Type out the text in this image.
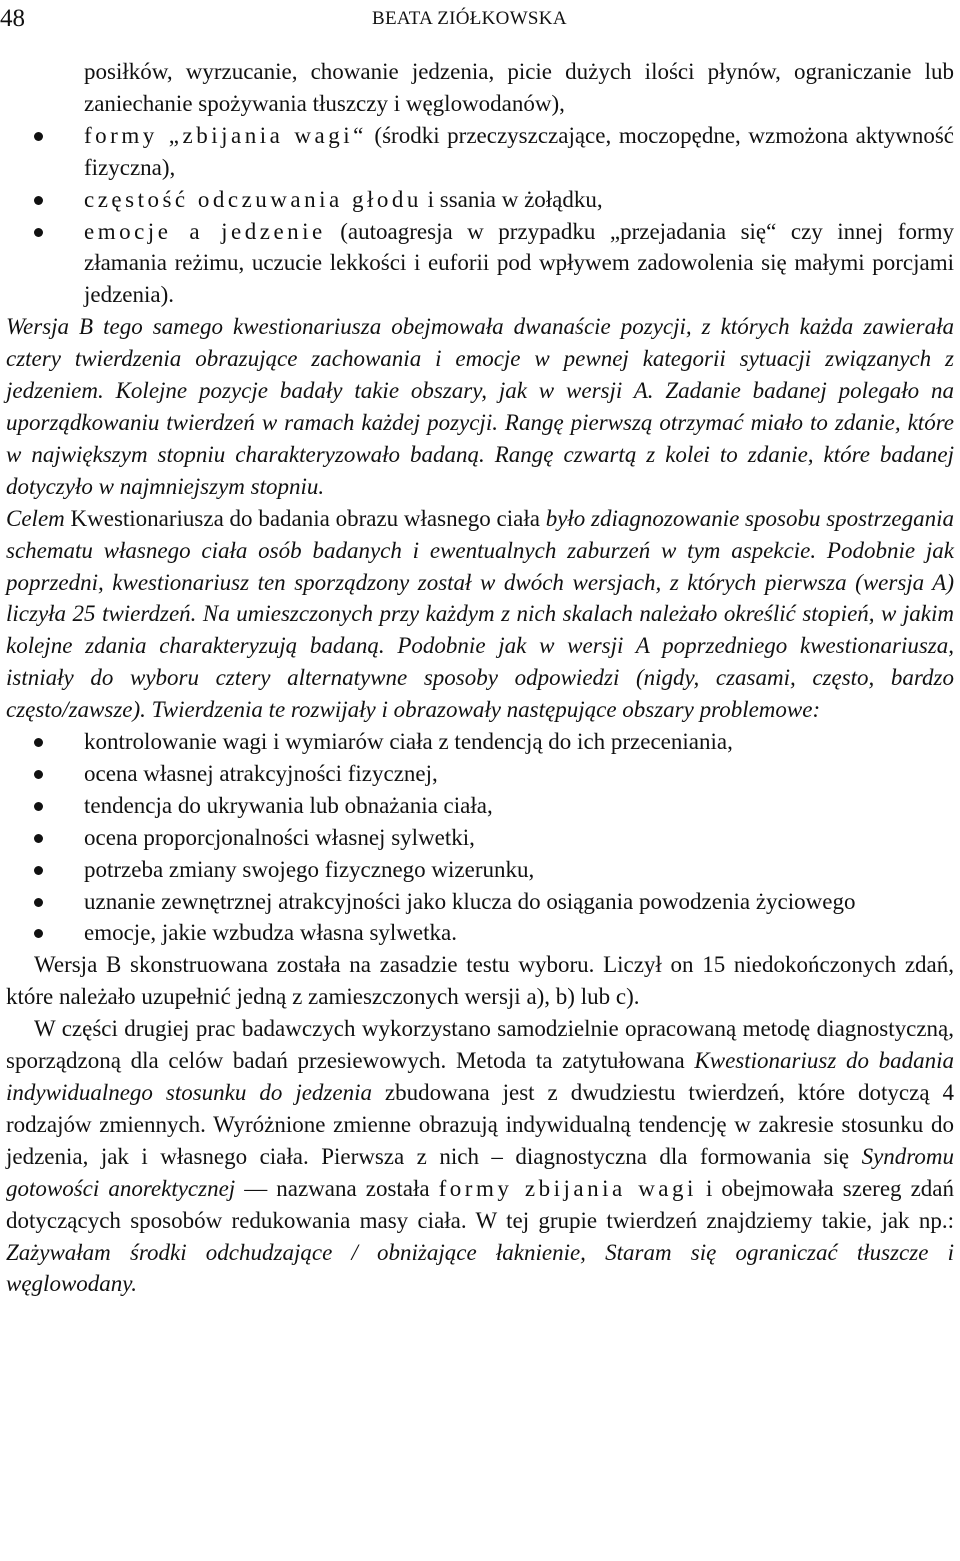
48	BEATA ZIÓŁKOWSKA

posiłków, wyrzucanie, chowanie jedzenia, picie dużych ilości płynów, ograniczanie lub zaniechanie spożywania tłuszczy i węglowodanów),

formy „zbijania wagi“ (środki przeczyszczające, moczopędne, wzmożona aktywność fizyczna),
częstość odczuwania głodu i ssania w żołądku,
emocje a jedzenie (autoagresja w przypadku „przejadania się“ czy innej formy złamania reżimu, uczucie lekkości i euforii pod wpływem zadowolenia się małymi porcjami jedzenia).

Wersja B tego samego kwestionariusza obejmowała dwanaście pozycji, z których każda zawierała cztery twierdzenia obrazujące zachowania i emocje w pewnej kategorii sytuacji związanych z jedzeniem. Kolejne pozycje badały takie obszary, jak w wersji A. Zadanie badanej polegało na uporządkowaniu twierdzeń w ramach każdej pozycji. Rangę pierwszą otrzymać miało to zdanie, które w największym stopniu charakteryzowało badaną. Rangę czwartą z kolei to zdanie, które badanej dotyczyło w najmniejszym stopniu.

Celem Kwestionariusza do badania obrazu własnego ciała było zdiagnozowanie sposobu spostrzegania schematu własnego ciała osób badanych i ewentualnych zaburzeń w tym aspekcie. Podobnie jak poprzedni, kwestionariusz ten sporządzony został w dwóch wersjach, z których pierwsza (wersja A) liczyła 25 twierdzeń. Na umieszczonych przy każdym z nich skalach należało określić stopień, w jakim kolejne zdania charakteryzują badaną. Podobnie jak w wersji A poprzedniego kwestionariusza, istniały do wyboru cztery alternatywne sposoby odpowiedzi (nigdy, czasami, często, bardzo często/zawsze). Twierdzenia te rozwijały i obrazowały następujące obszary problemowe:

kontrolowanie wagi i wymiarów ciała z tendencją do ich przeceniania,
ocena własnej atrakcyjności fizycznej,
tendencja do ukrywania lub obnażania ciała,
ocena proporcjonalności własnej sylwetki,
potrzeba zmiany swojego fizycznego wizerunku,
uznanie zewnętrznej atrakcyjności jako klucza do osiągania powodzenia życiowego
emocje, jakie wzbudza własna sylwetka.

Wersja B skonstruowana została na zasadzie testu wyboru. Liczył on 15 niedokończonych zdań, które należało uzupełnić jedną z zamieszczonych wersji a), b) lub c).

W części drugiej prac badawczych wykorzystano samodzielnie opracowaną metodę diagnostyczną, sporządzoną dla celów badań przesiewowych. Metoda ta zatytułowana Kwestionariusz do badania indywidualnego stosunku do jedzenia zbudowana jest z dwudziestu twierdzeń, które dotyczą 4 rodzajów zmiennych. Wyróżnione zmienne obrazują indywidualną tendencję w zakresie stosunku do jedzenia, jak i własnego ciała. Pierwsza z nich – diagnostyczna dla formowania się Syndromu gotowości anorektycznej — nazwana została formy zbijania wagi i obejmowała szereg zdań dotyczących sposobów redukowania masy ciała. W tej grupie twierdzeń znajdziemy takie, jak np.: Zażywałam środki odchudzające / obniżające łaknienie, Staram się ograniczać tłuszcze i węglowodany.
